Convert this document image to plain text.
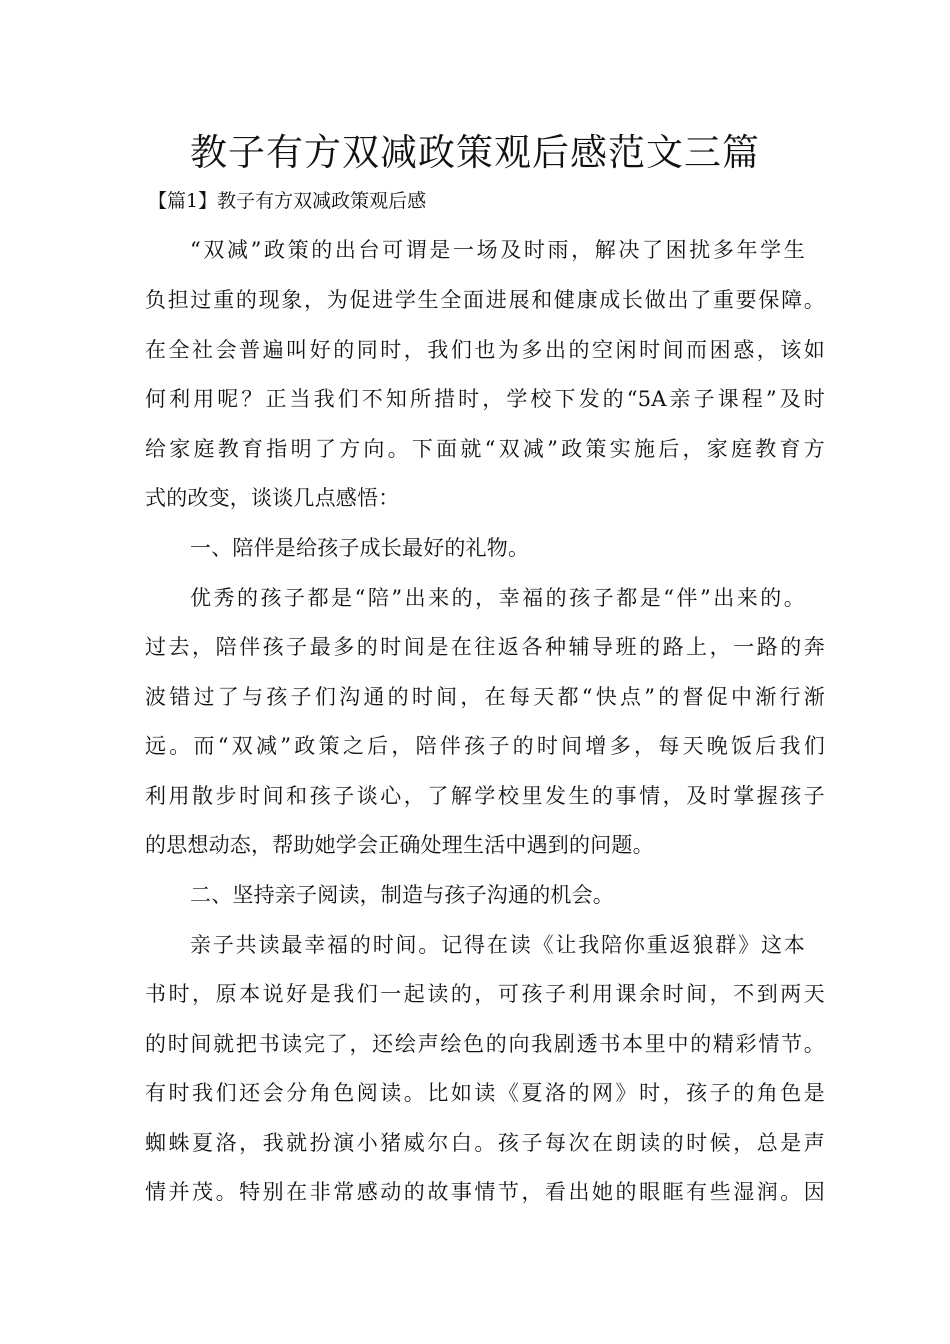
教子有方双减政策观后感范文三篇
【篇1】教子有方双减政策观后感
“双减”政策的出台可谓是一场及时雨，解决了困扰多年学生
负担过重的现象，为促进学生全面进展和健康成长做出了重要保障。
在全社会普遍叫好的同时，我们也为多出的空闲时间而困惑，该如
何利用呢？正当我们不知所措时，学校下发的“5A亲子课程”及时
给家庭教育指明了方向。下面就“双减”政策实施后，家庭教育方
式的改变，谈谈几点感悟：
一、陪伴是给孩子成长最好的礼物。
优秀的孩子都是“陪”出来的，幸福的孩子都是“伴”出来的。
过去，陪伴孩子最多的时间是在往返各种辅导班的路上，一路的奔
波错过了与孩子们沟通的时间，在每天都“快点”的督促中渐行渐
远。而“双减”政策之后，陪伴孩子的时间增多，每天晚饭后我们
利用散步时间和孩子谈心，了解学校里发生的事情，及时掌握孩子
的思想动态，帮助她学会正确处理生活中遇到的问题。
二、坚持亲子阅读，制造与孩子沟通的机会。
亲子共读最幸福的时间。记得在读《让我陪你重返狼群》这本
书时，原本说好是我们一起读的，可孩子利用课余时间，不到两天
的时间就把书读完了，还绘声绘色的向我剧透书本里中的精彩情节。
有时我们还会分角色阅读。比如读《夏洛的网》时，孩子的角色是
蜘蛛夏洛，我就扮演小猪威尔白。孩子每次在朗读的时候，总是声
情并茂。特别在非常感动的故事情节，看出她的眼眶有些湿润。因
